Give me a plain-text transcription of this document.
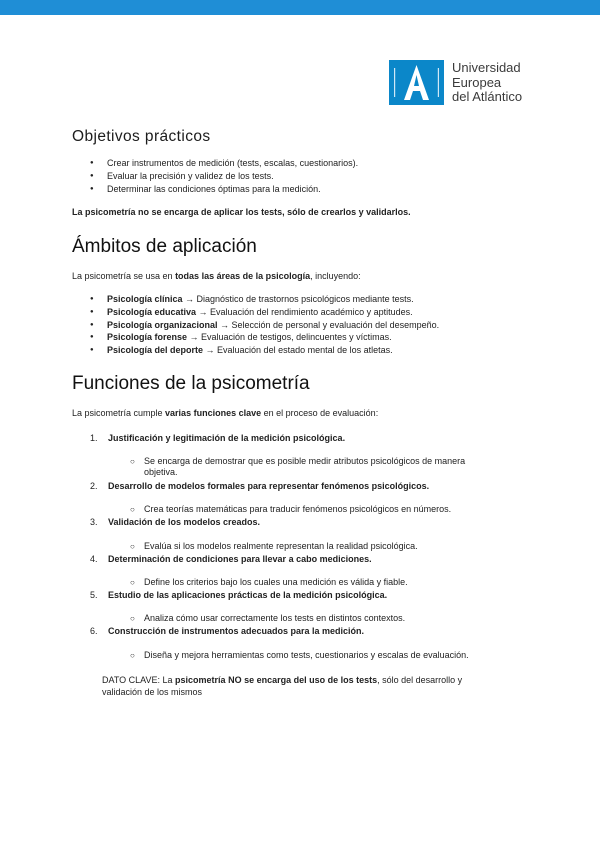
Universidad
Europea
del Atlántico
Objetivos prácticos
● Crear instrumentos de medición (tests, escalas, cuestionarios).
● Evaluar la precisión y validez de los tests.
● Determinar las condiciones óptimas para la medición.
La psicometría no se encarga de aplicar los tests, sólo de crearlos y validarlos.
Ámbitos de aplicación
La psicometría se usa en todas las áreas de la psicología, incluyendo:
● Psicología clínica → Diagnóstico de trastornos psicológicos mediante tests.
● Psicología educativa → Evaluación del rendimiento académico y aptitudes.
● Psicología organizacional → Selección de personal y evaluación del desempeño.
● Psicología forense → Evaluación de testigos, delincuentes y víctimas.
● Psicología del deporte → Evaluación del estado mental de los atletas.
Funciones de la psicometría
La psicometría cumple varias funciones clave en el proceso de evaluación:
1. Justificación y legitimación de la medición psicológica.
○	Se encarga de demostrar que es posible medir atributos psicológicos de manera objetiva.
2. Desarrollo de modelos formales para representar fenómenos psicológicos.
○	Crea teorías matemáticas para traducir fenómenos psicológicos en números.
3. Validación de los modelos creados.
○	Evalúa si los modelos realmente representan la realidad psicológica.
4. Determinación de condiciones para llevar a cabo mediciones.
○	Define los criterios bajo los cuales una medición es válida y fiable.
5. Estudio de las aplicaciones prácticas de la medición psicológica.
○	Analiza cómo usar correctamente los tests en distintos contextos.
6. Construcción de instrumentos adecuados para la medición.
○	Diseña y mejora herramientas como tests, cuestionarios y escalas de evaluación.
DATO CLAVE: La psicometría NO se encarga del uso de los tests, sólo del desarrollo y
validación de los mismos
